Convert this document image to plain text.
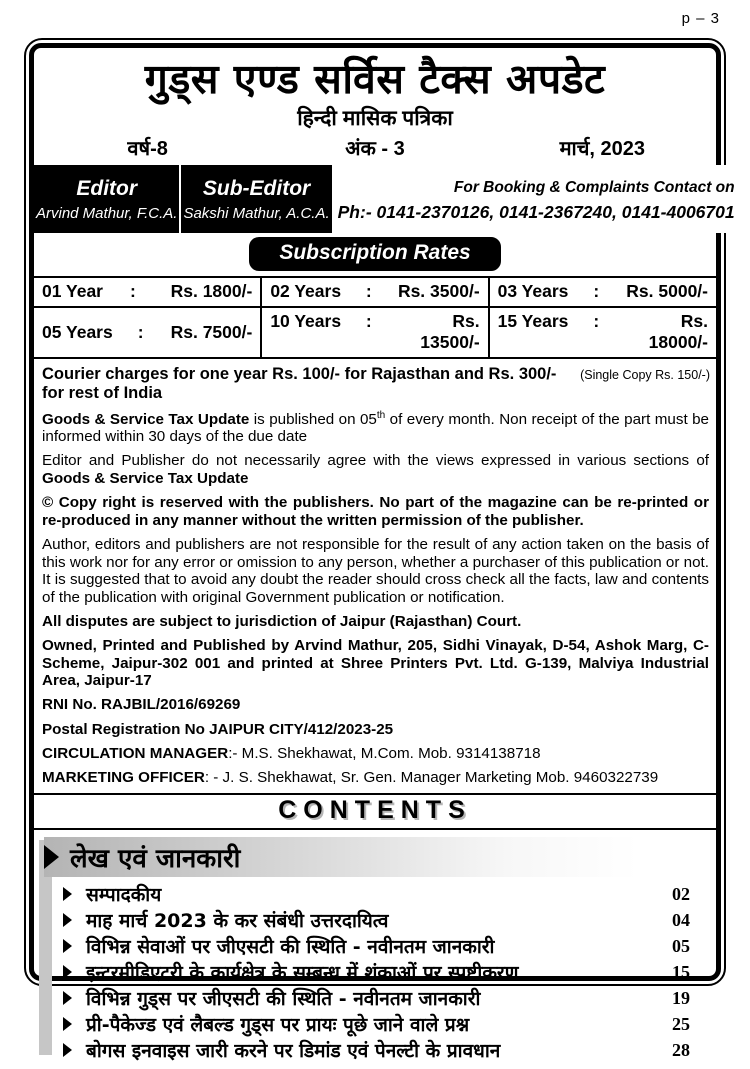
p – 3
गुड्स एण्ड सर्विस टैक्स अपडेट
हिन्दी मासिक पत्रिका
वर्ष-8	अंक - 3	मार्च, 2023
Editor
Arvind Mathur, F.C.A.
Sub-Editor
Sakshi Mathur, A.C.A.
For Booking & Complaints Contact on
Ph:- 0141-2370126, 0141-2367240, 0141-4006701
Subscription Rates
01 Year : Rs. 1800/-	02 Years : Rs. 3500/-	03 Years : Rs. 5000/-

05 Years : Rs. 7500/-	10 Years : Rs. 13500/-	15 Years : Rs. 18000/-
Courier charges for one year Rs. 100/- for Rajasthan and Rs. 300/- for rest of India
(Single Copy Rs. 150/-)
Goods & Service Tax Update is published on 05th of every month. Non receipt of the part must be informed within 30 days of the due date
Editor and Publisher do not necessarily agree with the views expressed in various sections of Goods & Service Tax Update
© Copy right is reserved with the publishers. No part of the magazine can be re-printed or re-produced in any manner without the written permission of the publisher.
Author, editors and publishers are not responsible for the result of any action taken on the basis of this work nor for any error or omission to any person, whether a purchaser of this publication or not. It is suggested that to avoid any doubt the reader should cross check all the facts, law and contents of the publication with original Government publication or notification.
All disputes are subject to jurisdiction of Jaipur (Rajasthan) Court.
Owned, Printed and Published by Arvind Mathur, 205, Sidhi Vinayak, D-54, Ashok Marg, C-Scheme, Jaipur-302 001 and printed at Shree Printers Pvt. Ltd. G-139, Malviya Industrial Area, Jaipur-17
RNI No. RAJBIL/2016/69269
Postal Registration No JAIPUR CITY/412/2023-25
CIRCULATION MANAGER:- M.S. Shekhawat, M.Com. Mob. 9314138718
MARKETING OFFICER: - J. S. Shekhawat, Sr. Gen. Manager Marketing Mob. 9460322739
CONTENTS
लेख एवं जानकारी
सम्पादकीय	02
माह मार्च 2023 के कर संबंधी उत्तरदायित्व	04
विभिन्न सेवाओं पर जीएसटी की स्थिति - नवीनतम जानकारी	05
इन्टरमीडिएटरी के कार्यक्षेत्र के सम्बन्ध में शंकाओं पर स्पष्टीकरण	15
विभिन्न गुड्स पर जीएसटी की स्थिति - नवीनतम जानकारी	19
प्री-पैकेज्ड एवं लैबल्ड गुड्स पर प्रायः पूछे जाने वाले प्रश्न	25
बोगस इनवाइस जारी करने पर डिमांड एवं पेनल्टी के प्रावधान	28
